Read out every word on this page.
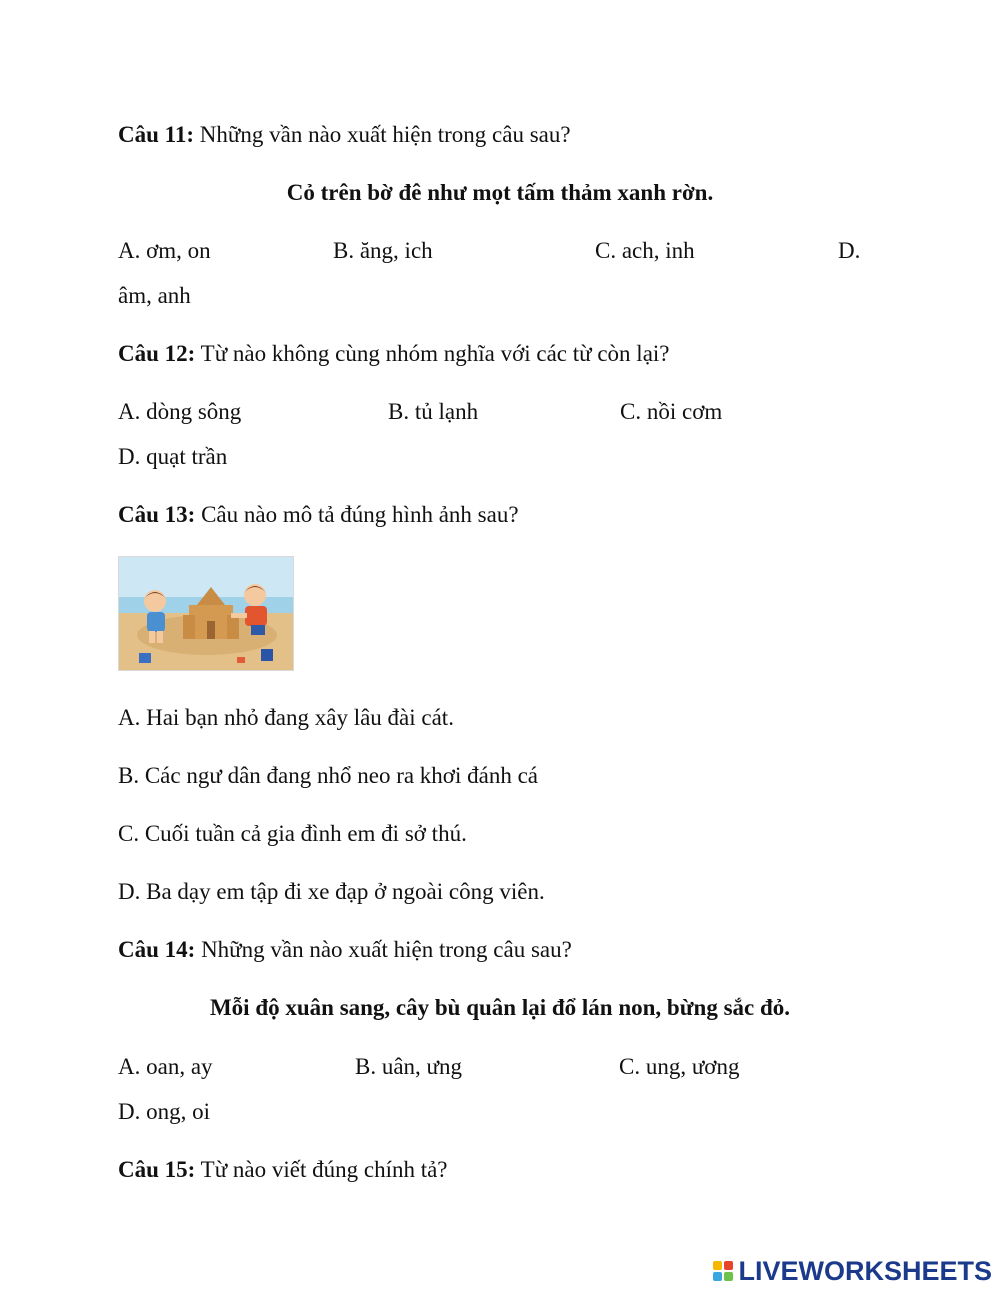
Câu 11: Những vần nào xuất hiện trong câu sau?
Cỏ trên bờ đê như mọt tấm thảm xanh rờn.
A. ơm, on	B. ăng, ich	C. ach, inh	D.
âm, anh
Câu 12: Từ nào không cùng nhóm nghĩa với các từ còn lại?
A. dòng sông	B. tủ lạnh	C. nồi cơm
D. quạt trần
Câu 13: Câu nào mô tả đúng hình ảnh sau?
A. Hai bạn nhỏ đang xây lâu đài cát.
B. Các ngư dân đang nhổ neo ra khơi đánh cá
C. Cuối tuần cả gia đình em đi sở thú.
D. Ba dạy em tập đi xe đạp ở ngoài công viên.
Câu 14: Những vần nào xuất hiện trong câu sau?
Mỗi độ xuân sang, cây bù quân lại đổ lán non, bừng sắc đỏ.
A. oan, ay	B. uân, ưng	C. ung, ương
D. ong, oi
Câu 15: Từ nào viết đúng chính tả?
LIVEWORKSHEETS
